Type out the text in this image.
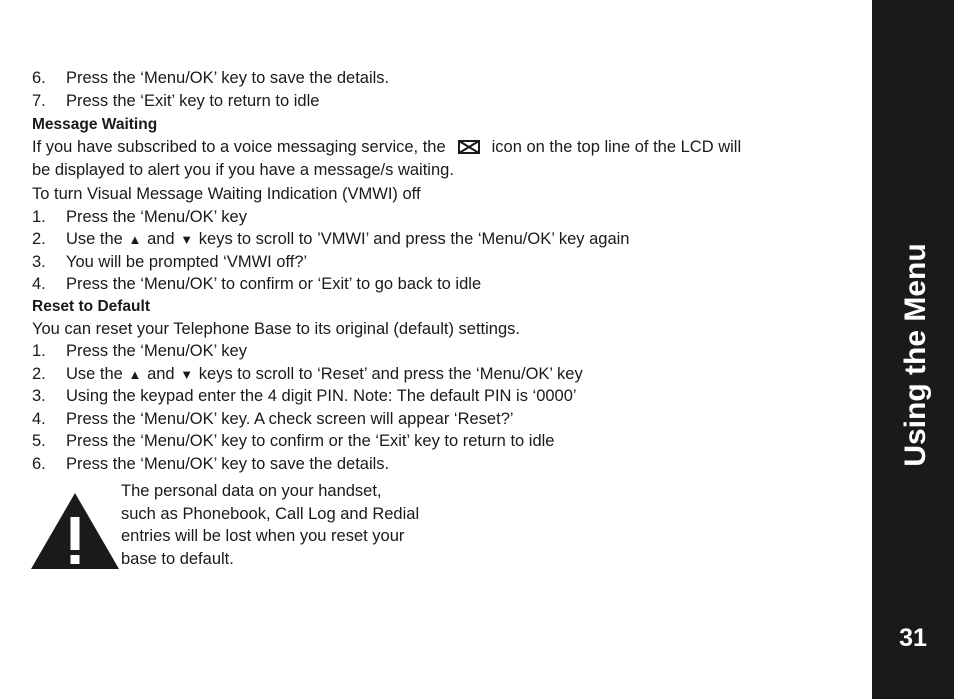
6. Press the ‘Menu/OK’ key to save the details.
7. Press the ‘Exit’ key to return to idle
Message Waiting
If you have subscribed to a voice messaging service, the	icon on the top line of the LCD will
be displayed to alert you if you have a message/s waiting.
To turn Visual Message Waiting Indication (VMWI) off
1. Press the ‘Menu/OK’ key
2. Use the ▲ and ▼ keys to scroll to ’VMWI’ and press the ‘Menu/OK’ key again
3. You will be prompted ‘VMWI off?’
4. Press the ‘Menu/OK’ to confirm or ‘Exit’ to go back to idle
Reset to Default
You can reset your Telephone Base to its original (default) settings.
1. Press the ‘Menu/OK’ key
2. Use the ▲ and ▼ keys to scroll to ‘Reset’ and press the ‘Menu/OK’ key
3. Using the keypad enter the 4 digit PIN. Note: The default PIN is ‘0000’
4. Press the ‘Menu/OK’ key. A check screen will appear ‘Reset?’
5. Press the ‘Menu/OK’ key to confirm or the ‘Exit’ key to return to idle
6. Press the ‘Menu/OK’ key to save the details.
The personal data on your handset,
such as Phonebook, Call Log and Redial
entries will be lost when you reset your
base to default.
Using the Menu
31
